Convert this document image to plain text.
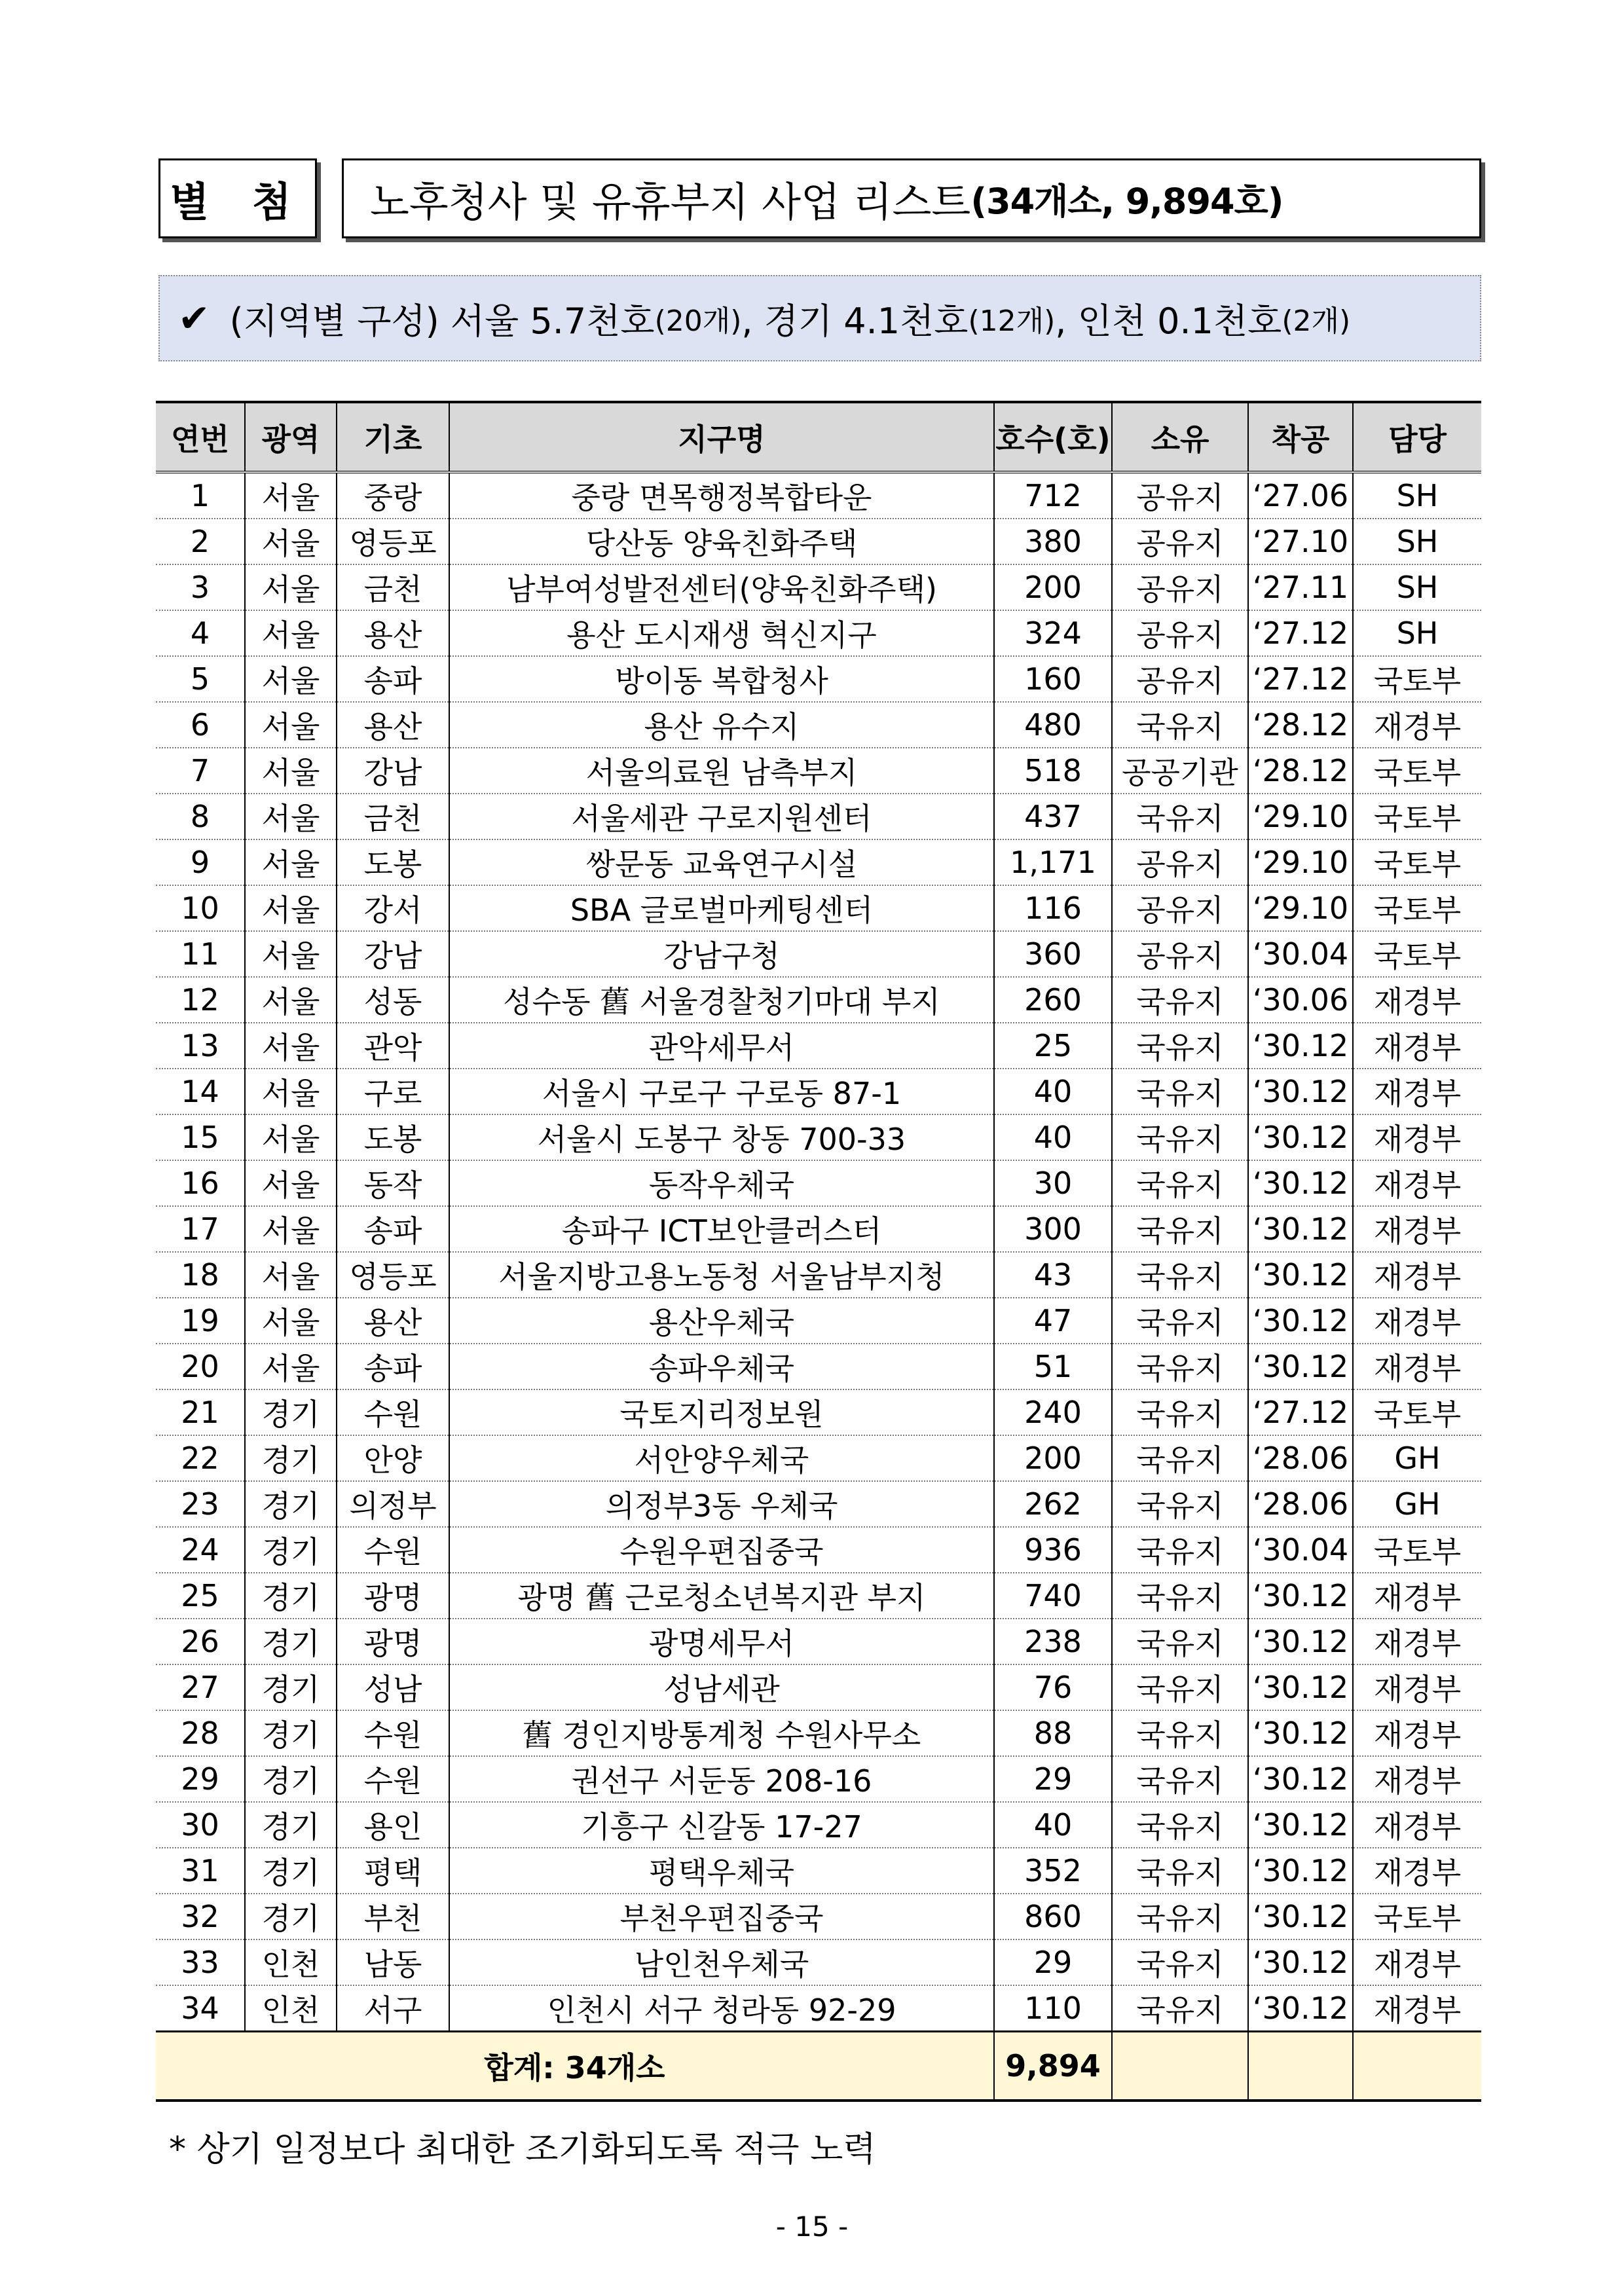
별 첨 노후청사 및 유휴부지 사업 리스트 (34개소, 9,894호)
✔ (지역별 구성) 서울 5.7천호 (20개) , 경기 4.1천호 (12개) , 인천 0.1천호 (2개)
연번	광역	기초	지구명	호수(호)	소유	착공	담당
1	서울	중랑	중랑 면목행정복합타운	712	공유지	‘27.06	SH
2	서울	영등포	당산동 양육친화주택	380	공유지	‘27.10	SH
3	서울	금천	남부여성발전센터(양육친화주택)	200	공유지	‘27.11	SH
4	서울	용산	용산 도시재생 혁신지구	324	공유지	‘27.12	SH
5	서울	송파	방이동 복합청사	160	공유지	‘27.12	국토부
6	서울	용산	용산 유수지	480	국유지	‘28.12	재경부
7	서울	강남	서울의료원 남측부지	518	공공기관	‘28.12	국토부
8	서울	금천	서울세관 구로지원센터	437	국유지	‘29.10	국토부
9	서울	도봉	쌍문동 교육연구시설	1,171	공유지	‘29.10	국토부
10	서울	강서	SBA 글로벌마케팅센터	116	공유지	‘29.10	국토부
11	서울	강남	강남구청	360	공유지	‘30.04	국토부
12	서울	성동	성수동 舊 서울경찰청기마대 부지	260	국유지	‘30.06	재경부
13	서울	관악	관악세무서	25	국유지	‘30.12	재경부
14	서울	구로	서울시 구로구 구로동 87-1	40	국유지	‘30.12	재경부
15	서울	도봉	서울시 도봉구 창동 700-33	40	국유지	‘30.12	재경부
16	서울	동작	동작우체국	30	국유지	‘30.12	재경부
17	서울	송파	송파구 ICT보안클러스터	300	국유지	‘30.12	재경부
18	서울	영등포	서울지방고용노동청 서울남부지청	43	국유지	‘30.12	재경부
19	서울	용산	용산우체국	47	국유지	‘30.12	재경부
20	서울	송파	송파우체국	51	국유지	‘30.12	재경부
21	경기	수원	국토지리정보원	240	국유지	‘27.12	국토부
22	경기	안양	서안양우체국	200	국유지	‘28.06	GH
23	경기	의정부	의정부3동 우체국	262	국유지	‘28.06	GH
24	경기	수원	수원우편집중국	936	국유지	‘30.04	국토부
25	경기	광명	광명 舊 근로청소년복지관 부지	740	국유지	‘30.12	재경부
26	경기	광명	광명세무서	238	국유지	‘30.12	재경부
27	경기	성남	성남세관	76	국유지	‘30.12	재경부
28	경기	수원	舊 경인지방통계청 수원사무소	88	국유지	‘30.12	재경부
29	경기	수원	권선구 서둔동 208-16	29	국유지	‘30.12	재경부
30	경기	용인	기흥구 신갈동 17-27	40	국유지	‘30.12	재경부
31	경기	평택	평택우체국	352	국유지	‘30.12	재경부
32	경기	부천	부천우편집중국	860	국유지	‘30.12	국토부
33	인천	남동	남인천우체국	29	국유지	‘30.12	재경부
34	인천	서구	인천시 서구 청라동 92-29	110	국유지	‘30.12	재경부
합계: 34개소				9,894			
* 상기 일정보다 최대한 조기화되도록 적극 노력
- 15 -
